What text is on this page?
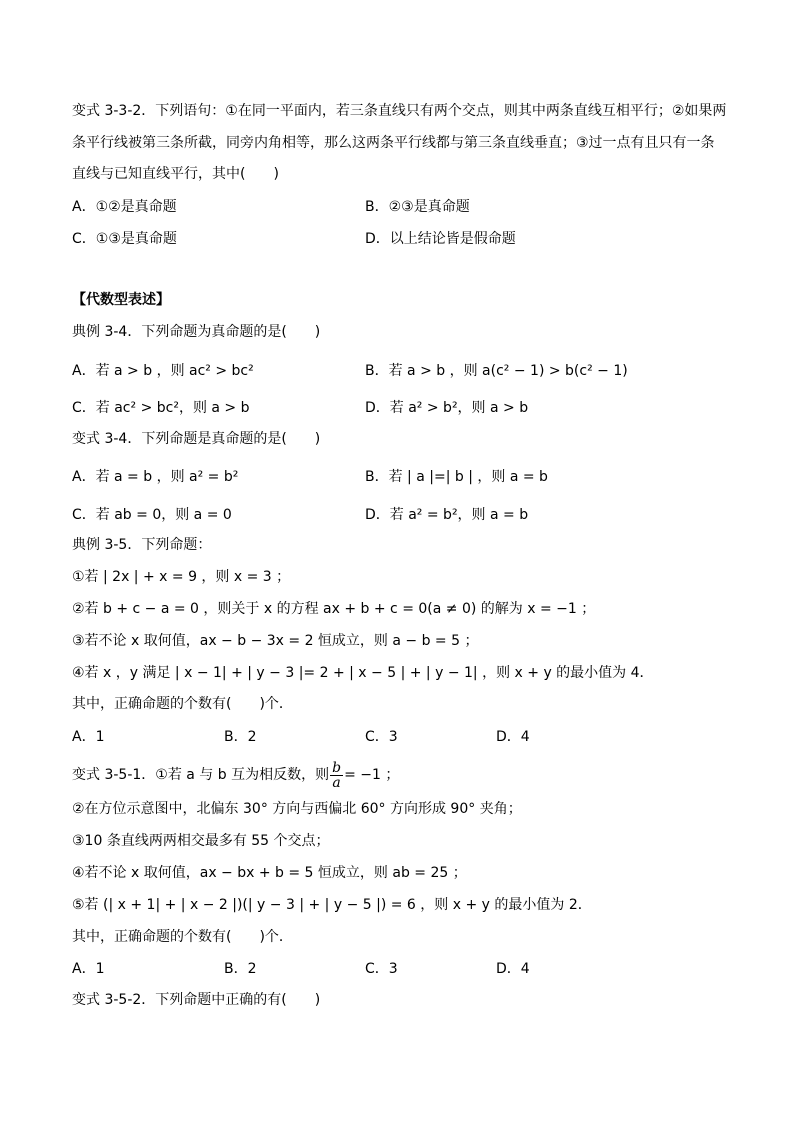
变式 3-3-2．下列语句：①在同一平面内，若三条直线只有两个交点，则其中两条直线互相平行；②如果两
条平行线被第三条所截，同旁内角相等，那么这两条平行线都与第三条直线垂直；③过一点有且只有一条
直线与已知直线平行，其中(　　)
A．①②是真命题	B．②③是真命题
C．①③是真命题	D．以上结论皆是假命题
【代数型表述】
典例 3-4．下列命题为真命题的是(　　)
A．若 a > b ，则 ac² > bc²	B．若 a > b ，则 a(c² − 1) > b(c² − 1)
C．若 ac² > bc²，则 a > b	D．若 a² > b²，则 a > b
变式 3-4．下列命题是真命题的是(　　)
A．若 a = b ，则 a² = b²	B．若 | a |=| b | ，则 a = b
C．若 ab = 0，则 a = 0	D．若 a² = b²，则 a = b
典例 3-5．下列命题：
①若 | 2x | + x = 9 ，则 x = 3 ；
②若 b + c − a = 0 ，则关于 x 的方程 ax + b + c = 0(a ≠ 0) 的解为 x = −1 ；
③若不论 x 取何值，ax − b − 3x = 2 恒成立，则 a − b = 5 ；
④若 x ，y 满足 | x − 1| + | y − 3 |= 2 + | x − 5 | + | y − 1| ，则 x + y 的最小值为 4．
其中，正确命题的个数有(　　)个．
A．1	B．2	C．3	D．4
变式 3-5-1．①若 a 与 b 互为相反数，则 $\frac{b}{a} = -1$ ；
②在方位示意图中，北偏东 30° 方向与西偏北 60° 方向形成 90° 夹角；
③10 条直线两两相交最多有 55 个交点；
④若不论 x 取何值，ax − bx + b = 5 恒成立，则 ab = 25 ；
⑤若 (| x + 1| + | x − 2 |)(| y − 3 | + | y − 5 |) = 6 ，则 x + y 的最小值为 2．
其中，正确命题的个数有(　　)个．
A．1	B．2	C．3	D．4
变式 3-5-2．下列命题中正确的有(　　)
